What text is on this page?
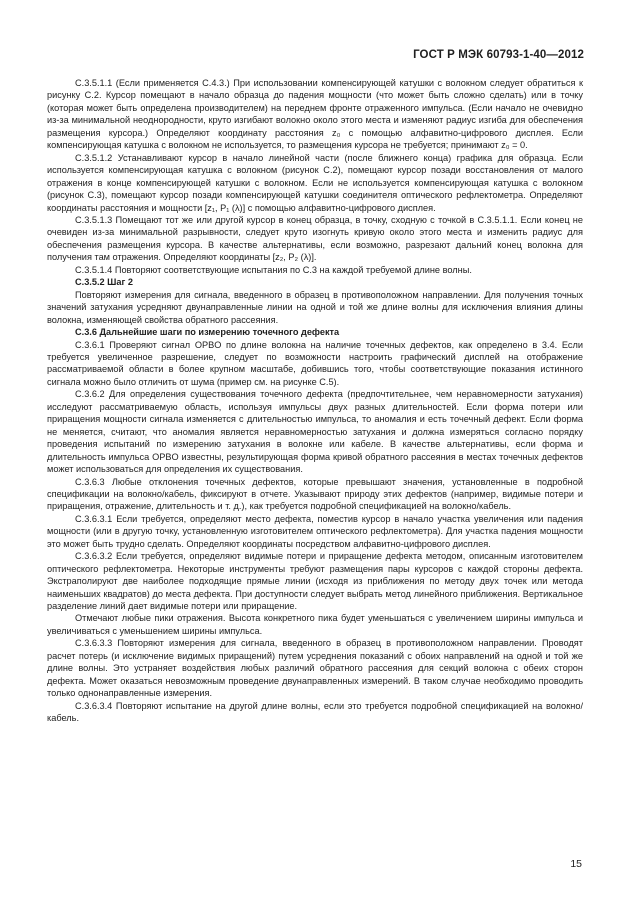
ГОСТ Р МЭК 60793-1-40—2012

С.3.5.1.1 (Если применяется С.4.3.) При использовании компенсирующей катушки с волокном следует обратиться к рисунку С.2. Курсор помещают в начало образца до падения мощности (что может быть сложно сделать) или в точку (которая может быть определена производителем) на переднем фронте отраженного импульса. (Если начало не очевидно из-за минимальной неоднородности, круто изгибают волокно около этого места и изменяют радиус изгиба для обеспечения размещения курсора.) Определяют координату расстояния z₀ с помощью алфавитно-цифрового дисплея. Если компенсирующая катушка с волокном не используется, то размещения курсора не требуется; принимают z₀ = 0.

С.3.5.1.2 Устанавливают курсор в начало линейной части (после ближнего конца) графика для образца. Если используется компенсирующая катушка с волокном (рисунок С.2), помещают курсор позади восстановления от малого отражения в конце компенсирующей катушки с волокном. Если не используется компенсирующая катушка с волокном (рисунок С.3), помещают курсор позади компенсирующей катушки соединителя оптического рефлектометра. Определяют координаты расстояния и мощности [z₁, P₁ (λ)] с помощью алфавитно-цифрового дисплея.

С.3.5.1.3 Помещают тот же или другой курсор в конец образца, в точку, сходную с точкой в С.3.5.1.1. Если конец не очевиден из-за минимальной разрывности, следует круто изогнуть кривую около этого места и изменить радиус для обеспечения размещения курсора. В качестве альтернативы, если возможно, разрезают дальний конец волокна для получения там отражения. Определяют координаты [z₂, P₂ (λ)].

С.3.5.1.4 Повторяют соответствующие испытания по С.3 на каждой требуемой длине волны.

С.3.5.2 Шаг 2

Повторяют измерения для сигнала, введенного в образец в противоположном направлении. Для получения точных значений затухания усредняют двунаправленные линии на одной и той же длине волны для исключения влияния длины волокна, изменяющей свойства обратного рассеяния.

С.3.6 Дальнейшие шаги по измерению точечного дефекта

С.3.6.1 Проверяют сигнал OPBO по длине волокна на наличие точечных дефектов, как определено в 3.4. Если требуется увеличенное разрешение, следует по возможности настроить графический дисплей на отображение рассматриваемой области в более крупном масштабе, добившись того, чтобы соответствующие показания истинного сигнала можно было отличить от шума (пример см. на рисунке С.5).

С.3.6.2 Для определения существования точечного дефекта (предпочтительнее, чем неравномерности затухания) исследуют рассматриваемую область, используя импульсы двух разных длительностей. Если форма потери или приращения мощности сигнала изменяется с длительностью импульса, то аномалия и есть точечный дефект. Если форма не меняется, считают, что аномалия является неравномерностью затухания и должна измеряться согласно порядку проведения испытаний по измерению затухания в волокне или кабеле. В качестве альтернативы, если форма и длительность импульса OPBO известны, результирующая форма кривой обратного рассеяния в местах точечных дефектов может использоваться для определения их существования.

С.3.6.3 Любые отклонения точечных дефектов, которые превышают значения, установленные в подробной спецификации на волокно/кабель, фиксируют в отчете. Указывают природу этих дефектов (например, видимые потери и приращения, отражение, длительность и т. д.), как требуется подробной спецификацией на волокно/кабель.

С.3.6.3.1 Если требуется, определяют место дефекта, поместив курсор в начало участка увеличения или падения мощности (или в другую точку, установленную изготовителем оптического рефлектометра). Для участка падения мощности это может быть трудно сделать. Определяют координаты посредством алфавитно-цифрового дисплея.

С.3.6.3.2 Если требуется, определяют видимые потери и приращение дефекта методом, описанным изготовителем оптического рефлектометра. Некоторые инструменты требуют размещения пары курсоров с каждой стороны дефекта. Экстраполируют две наиболее подходящие прямые линии (исходя из приближения по методу двух точек или метода наименьших квадратов) до места дефекта. При доступности следует выбрать метод линейного приближения. Вертикальное разделение линий дает видимые потери или приращение.

Отмечают любые пики отражения. Высота конкретного пика будет уменьшаться с увеличением ширины импульса и увеличиваться с уменьшением ширины импульса.

С.3.6.3.3 Повторяют измерения для сигнала, введенного в образец в противоположном направлении. Проводят расчет потерь (и исключение видимых приращений) путем усреднения показаний с обоих направлений на одной и той же длине волны. Это устраняет воздействия любых различий обратного рассеяния для секций волокна с обеих сторон дефекта. Может оказаться невозможным проведение двунаправленных измерений. В таком случае необходимо проводить только однонаправленные измерения.

С.3.6.3.4 Повторяют испытание на другой длине волны, если это требуется подробной спецификацией на волокно/кабель.

15
